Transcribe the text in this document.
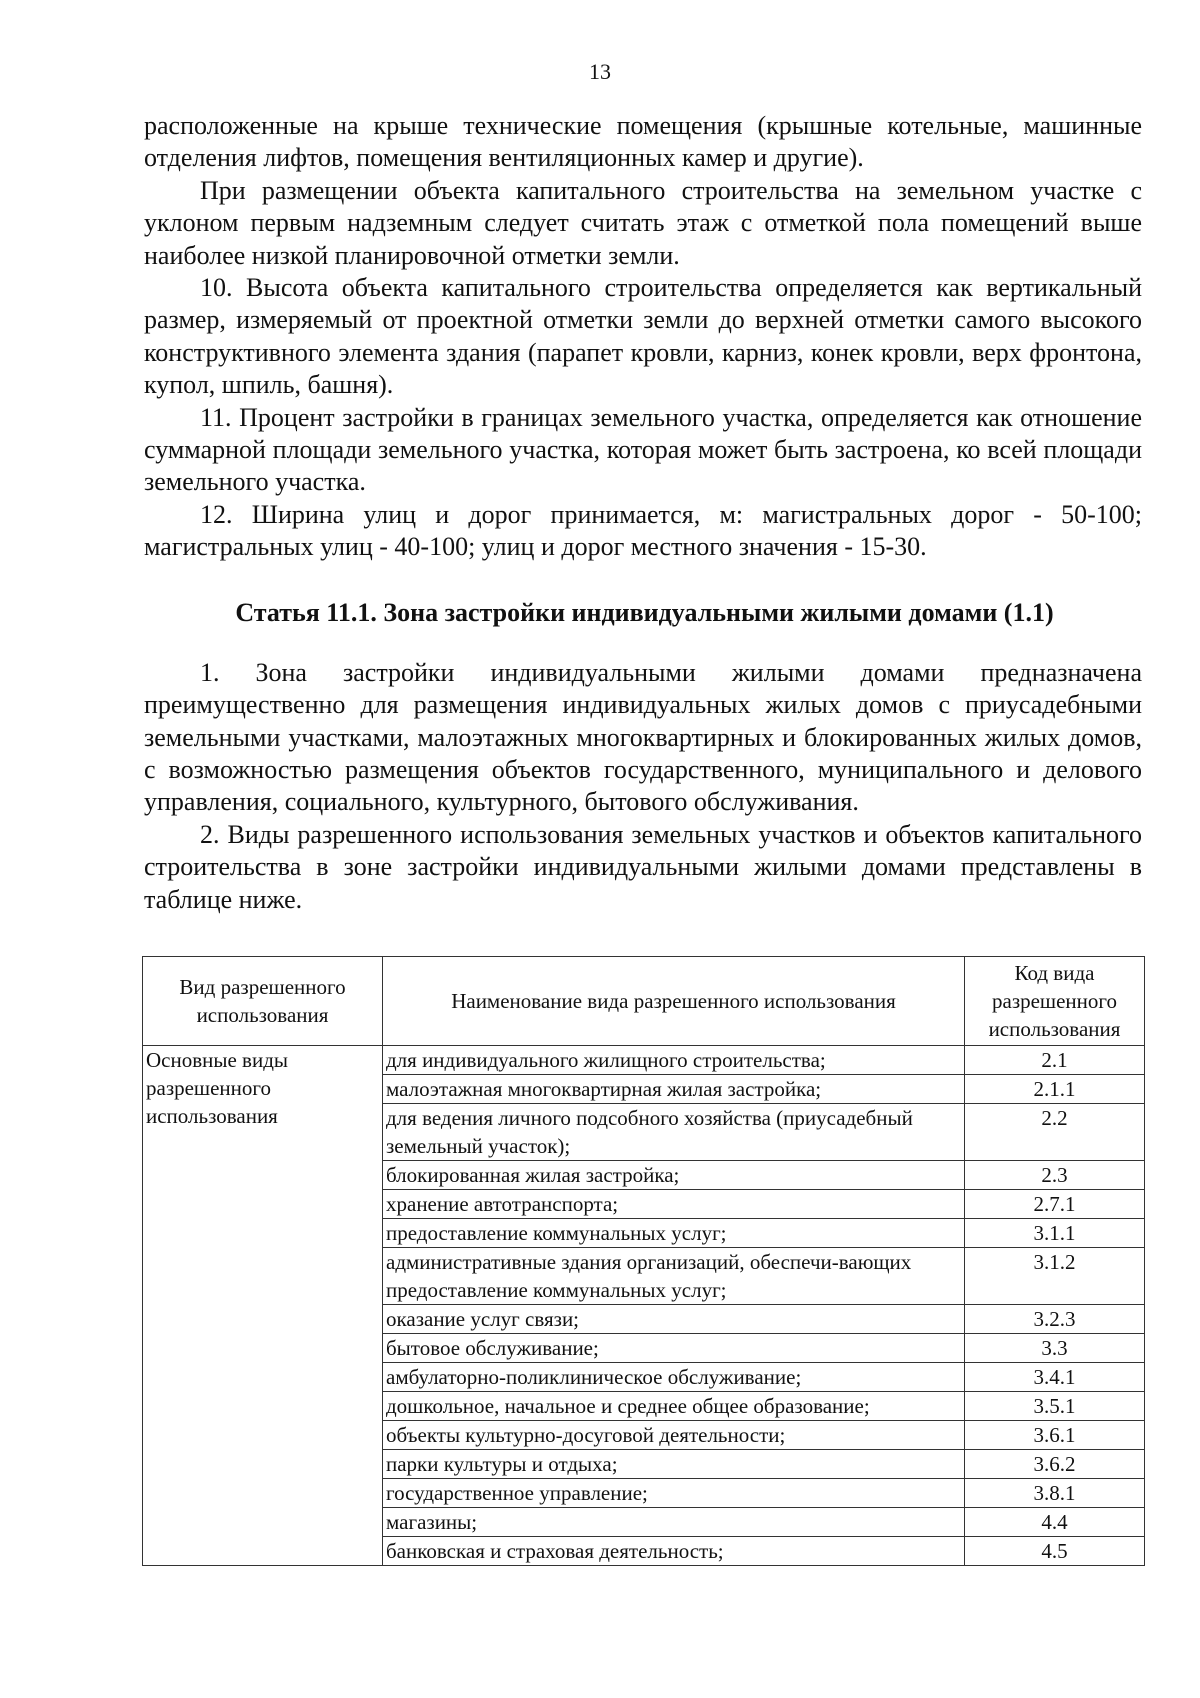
13

расположенные на крыше технические помещения (крышные котельные, машинные отделения лифтов, помещения вентиляционных камер и другие).

При размещении объекта капитального строительства на земельном участке с уклоном первым надземным следует считать этаж с отметкой пола помещений выше наиболее низкой планировочной отметки земли.

10. Высота объекта капитального строительства определяется как вертикальный размер, измеряемый от проектной отметки земли до верхней отметки самого высокого конструктивного элемента здания (парапет кровли, карниз, конек кровли, верх фронтона, купол, шпиль, башня).

11. Процент застройки в границах земельного участка, определяется как отношение суммарной площади земельного участка, которая может быть застроена, ко всей площади земельного участка.

12. Ширина улиц и дорог принимается, м: магистральных дорог - 50-100; магистральных улиц - 40-100; улиц и дорог местного значения - 15-30.

Статья 11.1. Зона застройки индивидуальными жилыми домами (1.1)

1. Зона застройки индивидуальными жилыми домами предназначена преимущественно для размещения индивидуальных жилых домов с приусадебными земельными участками, малоэтажных многоквартирных и блокированных жилых домов, с возможностью размещения объектов государственного, муниципального и делового управления, социального, культурного, бытового обслуживания.

2. Виды разрешенного использования земельных участков и объектов капитального строительства в зоне застройки индивидуальными жилыми домами представлены в таблице ниже.

Вид разрешенного использования	Наименование вида разрешенного использования	Код вида разрешенного использования
Основные виды разрешенного использования	для индивидуального жилищного строительства;	2.1
	малоэтажная многоквартирная жилая застройка;	2.1.1
	для ведения личного подсобного хозяйства (приусадебный земельный участок);	2.2
	блокированная жилая застройка;	2.3
	хранение автотранспорта;	2.7.1
	предоставление коммунальных услуг;	3.1.1
	административные здания организаций, обеспечи-вающих предоставление коммунальных услуг;	3.1.2
	оказание услуг связи;	3.2.3
	бытовое обслуживание;	3.3
	амбулаторно-поликлиническое обслуживание;	3.4.1
	дошкольное, начальное и среднее общее образование;	3.5.1
	объекты культурно-досуговой деятельности;	3.6.1
	парки культуры и отдыха;	3.6.2
	государственное управление;	3.8.1
	магазины;	4.4
	банковская и страховая деятельность;	4.5
